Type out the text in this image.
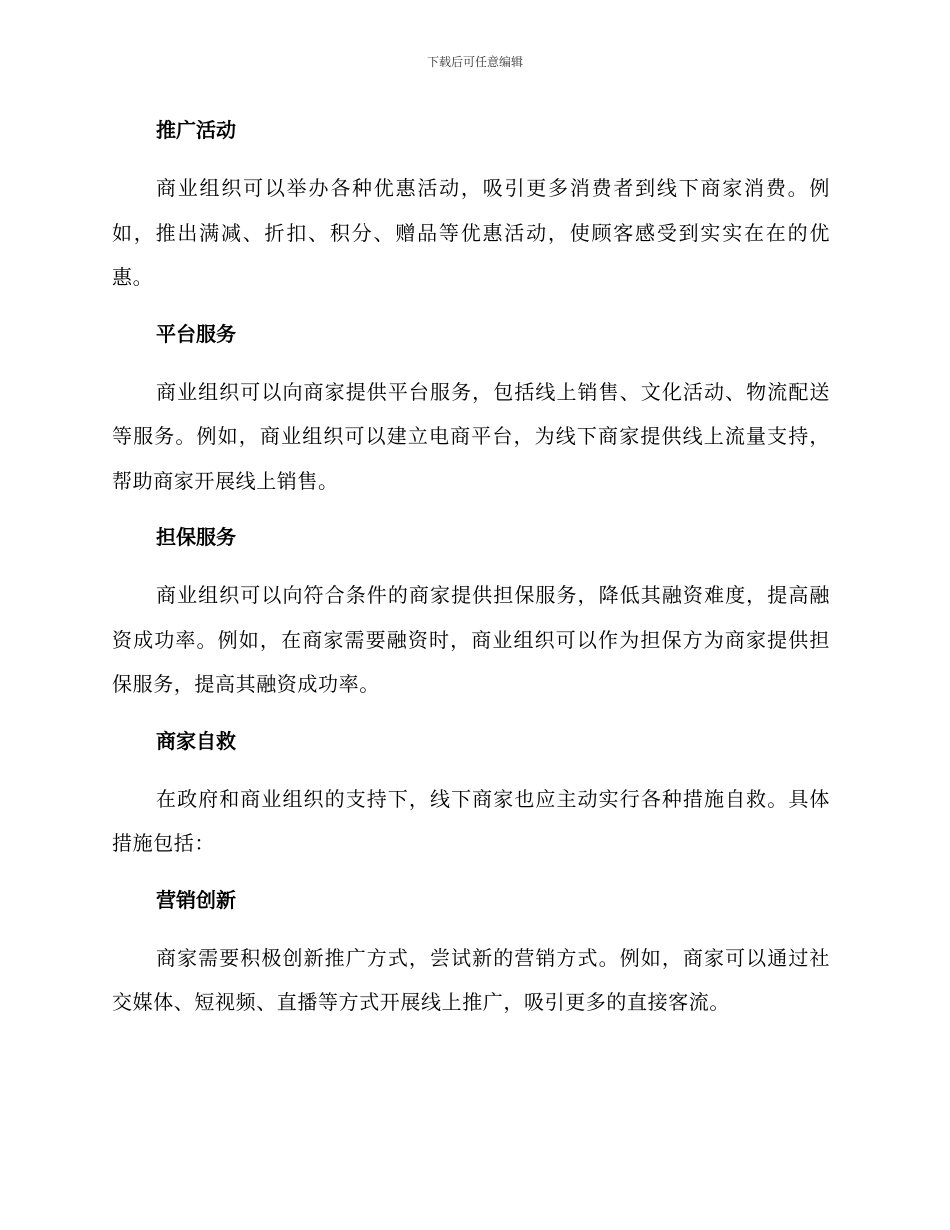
下载后可任意编辑
推广活动

商业组织可以举办各种优惠活动，吸引更多消费者到线下商家消费。例如，推出满减、折扣、积分、赠品等优惠活动，使顾客感受到实实在在的优惠。

平台服务

商业组织可以向商家提供平台服务，包括线上销售、文化活动、物流配送等服务。例如，商业组织可以建立电商平台，为线下商家提供线上流量支持，帮助商家开展线上销售。

担保服务

商业组织可以向符合条件的商家提供担保服务，降低其融资难度，提高融资成功率。例如，在商家需要融资时，商业组织可以作为担保方为商家提供担保服务，提高其融资成功率。

商家自救

在政府和商业组织的支持下，线下商家也应主动实行各种措施自救。具体措施包括：

营销创新

商家需要积极创新推广方式，尝试新的营销方式。例如，商家可以通过社交媒体、短视频、直播等方式开展线上推广，吸引更多的直接客流。
